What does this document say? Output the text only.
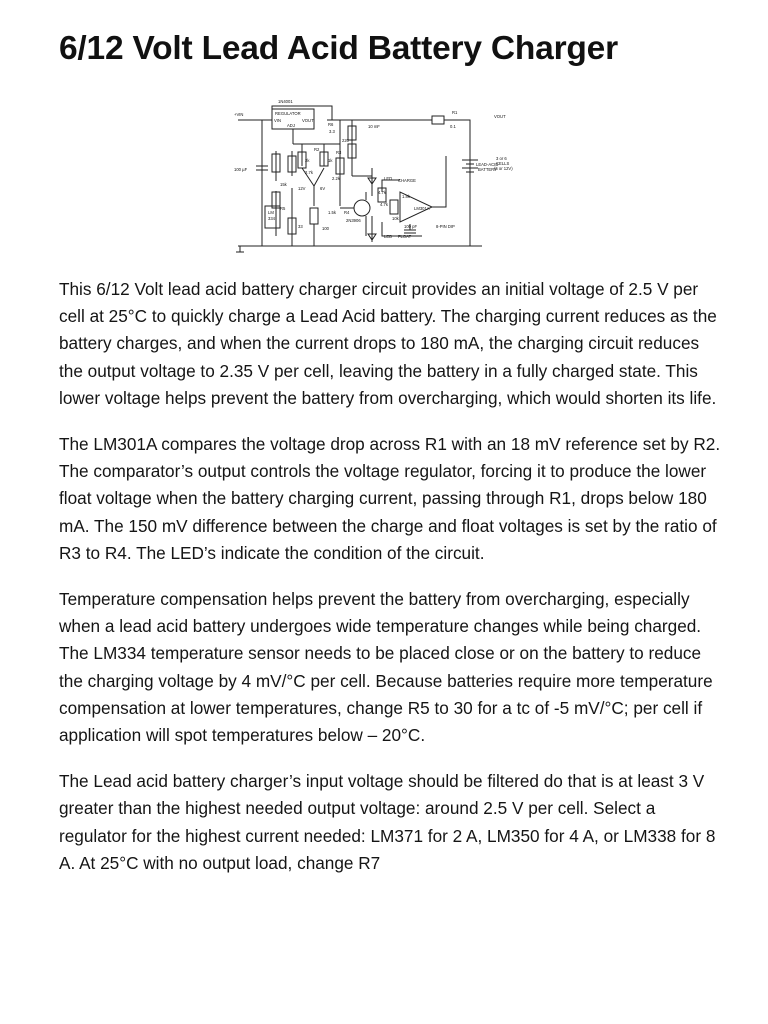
6/12 Volt Lead Acid Battery Charger
1N4001
REGULATOR
VIN	VOUT
ADJ
+VIN	VOUT
R1
0.1
R6
3.3
220
10 mF
100 µF
2k
2.7k
1k
2.2k
R2
15k
R5
12V	6V
R3
R4
1.5k
100
LM
334
33
4.7k
4.7k
1.8k
10k
2N3906
LM301A
100 pF
LED CHARGE
LED FLOAT
8-PIN DIP
LEAD-ACID
BATTERY
3 or 6
CELLS
(6 or 12V)

This 6/12 Volt lead acid battery charger circuit provides an initial voltage of 2.5 V per cell at 25°C to quickly charge a Lead Acid battery. The charging current reduces as the battery charges, and when the current drops to 180 mA, the charging circuit reduces the output voltage to 2.35 V per cell, leaving the battery in a fully charged state. This lower voltage helps prevent the battery from overcharging, which would shorten its life.

The LM301A compares the voltage drop across R1 with an 18 mV reference set by R2. The comparator’s output controls the voltage regulator, forcing it to produce the lower float voltage when the battery charging current, passing through R1, drops below 180 mA. The 150 mV difference between the charge and float voltages is set by the ratio of R3 to R4. The LED’s indicate the condition of the circuit.

Temperature compensation helps prevent the battery from overcharging, especially when a lead acid battery undergoes wide temperature changes while being charged. The LM334 temperature sensor needs to be placed close or on the battery to reduce the charging voltage by 4 mV/°C per cell. Because batteries require more temperature compensation at lower temperatures, change R5 to 30 for a tc of -5 mV/°C; per cell if application will spot temperatures below – 20°C.

The Lead acid battery charger’s input voltage should be filtered do that is at least 3 V greater than the highest needed output voltage: around 2.5 V per cell. Select a regulator for the highest current needed: LM371 for 2 A, LM350 for 4 A, or LM338 for 8 A. At 25°C with no output load, change R7
